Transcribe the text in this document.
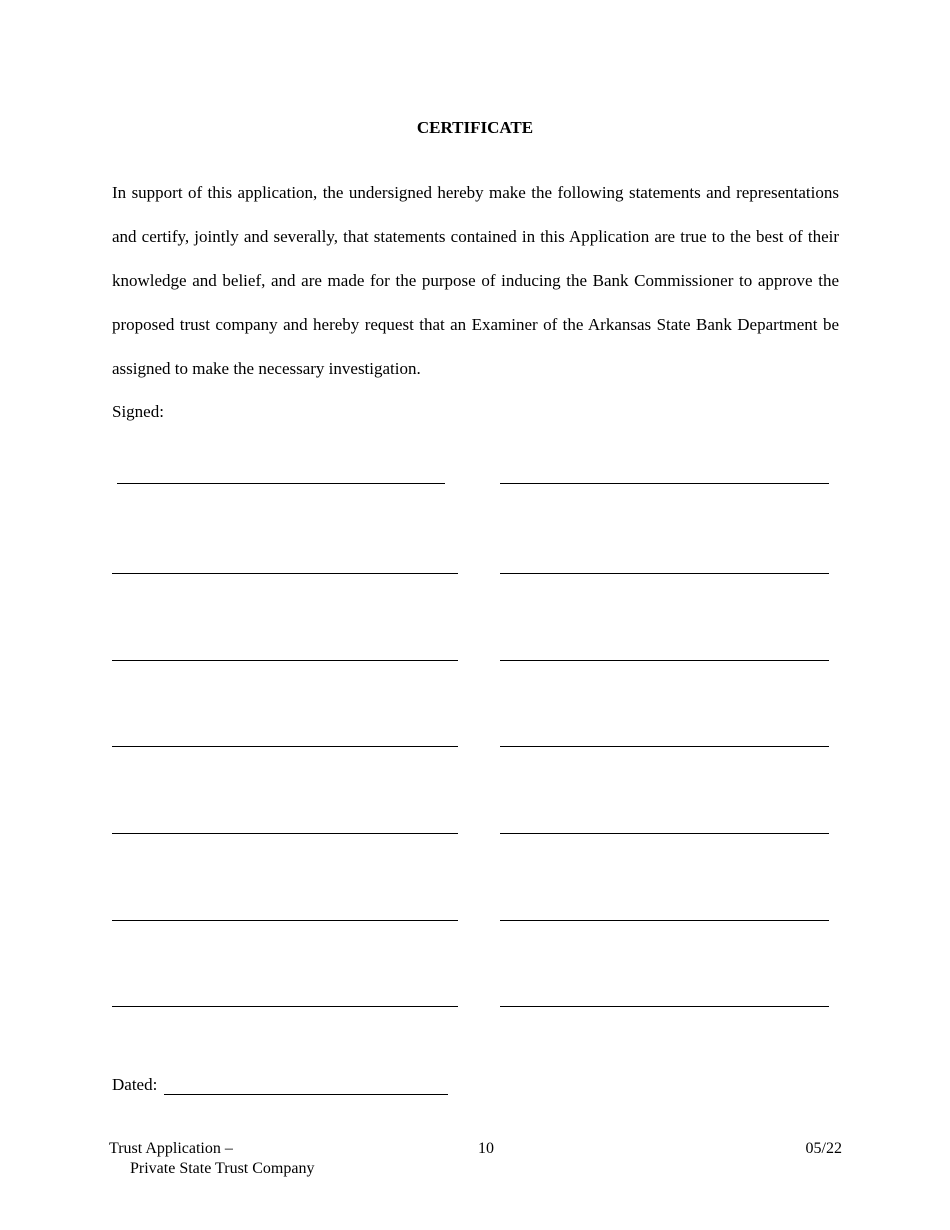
CERTIFICATE
In support of this application, the undersigned hereby make the following statements and representations and certify, jointly and severally, that statements contained in this Application are true to the best of their knowledge and belief, and are made for the purpose of inducing the Bank Commissioner to approve the proposed trust company and hereby request that an Examiner of the Arkansas State Bank Department be assigned to make the necessary investigation.
Signed:
Dated:
Trust Application –
Private State Trust Company
10	05/22
